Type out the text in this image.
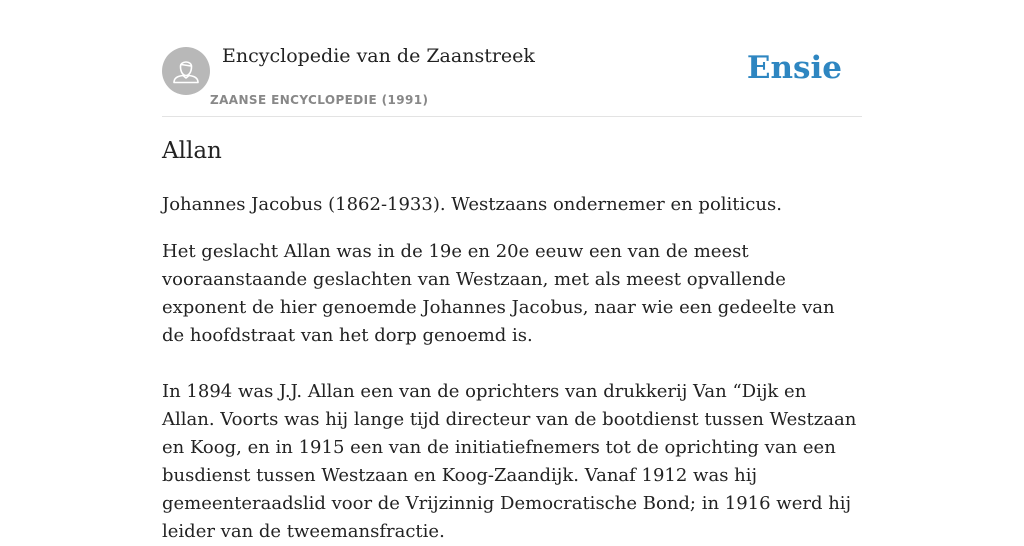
Encyclopedie van de Zaanstreek
ZAANSE ENCYCLOPEDIE (1991)
Ensie
Allan

Johannes Jacobus (1862-1933). Westzaans ondernemer en politicus.

Het geslacht Allan was in de 19e en 20e eeuw een van de meest vooraanstaande geslachten van Westzaan, met als meest opvallende exponent de hier genoemde Johannes Jacobus, naar wie een gedeelte van de hoofdstraat van het dorp genoemd is.

In 1894 was J.J. Allan een van de oprichters van drukkerij Van “Dijk en Allan. Voorts was hij lange tijd directeur van de bootdienst tussen Westzaan en Koog, en in 1915 een van de initiatiefnemers tot de oprichting van een busdienst tussen Westzaan en Koog-Zaandijk. Vanaf 1912 was hij gemeenteraadslid voor de Vrijzinnig Democratische Bond; in 1916 werd hij leider van de tweemansfractie.
